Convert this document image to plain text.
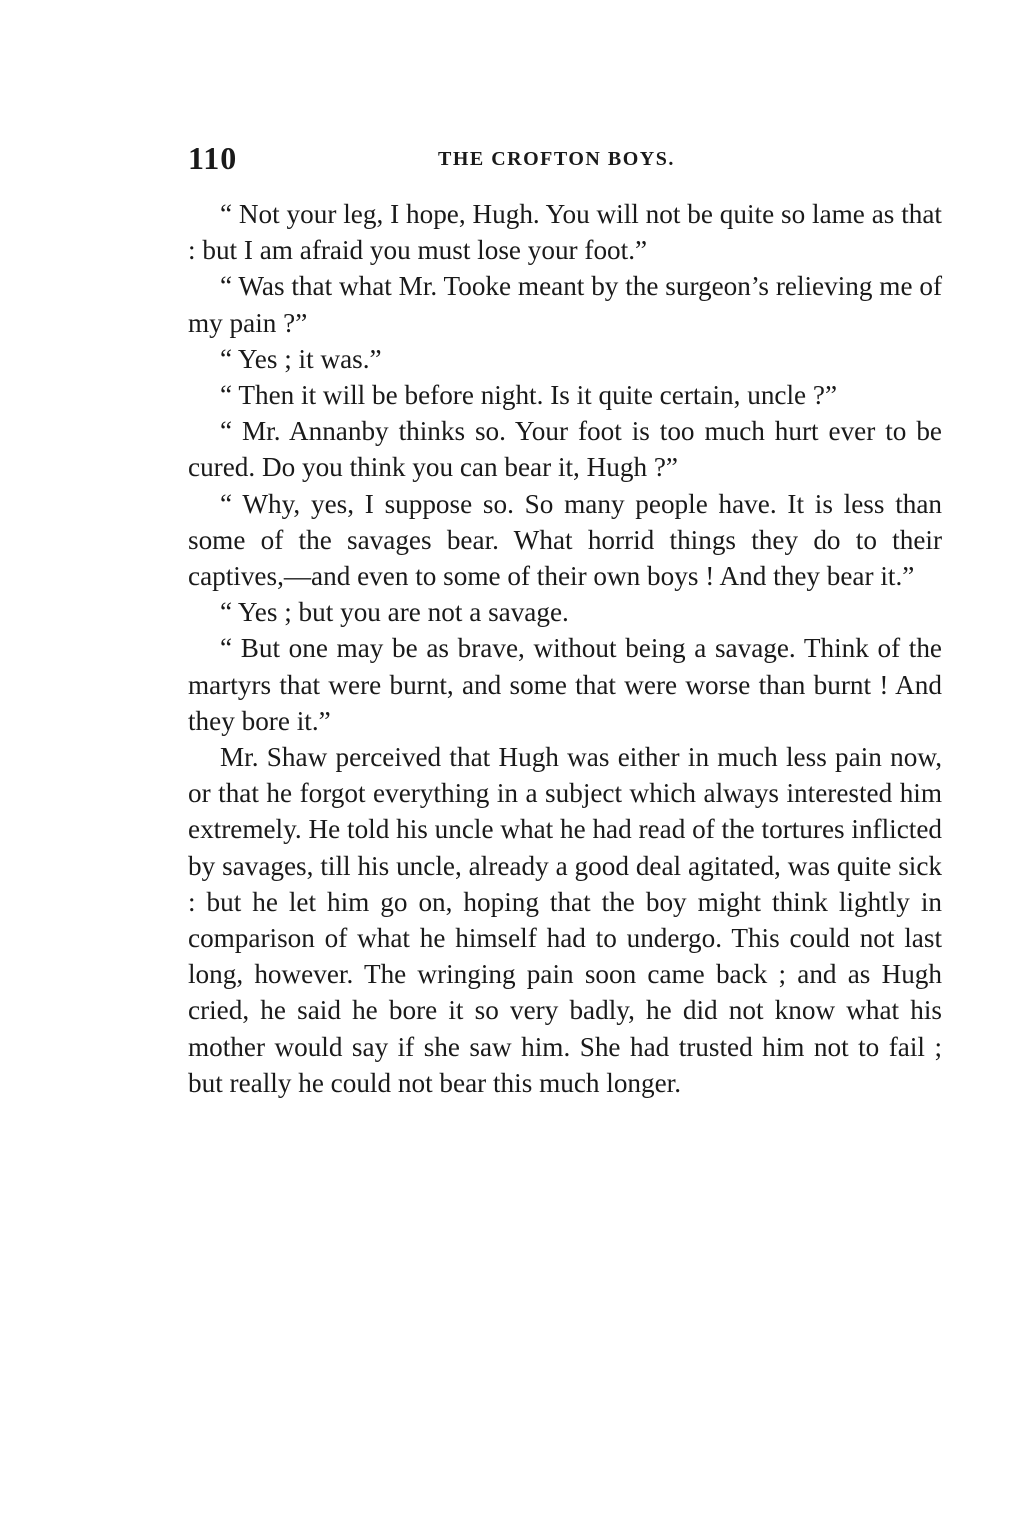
110	THE CROFTON BOYS.

“ Not your leg, I hope, Hugh. You will not be quite so lame as that : but I am afraid you must lose your foot.”

“ Was that what Mr. Tooke meant by the surgeon’s relieving me of my pain ?”

“ Yes ; it was.”

“ Then it will be before night. Is it quite certain, uncle ?”

“ Mr. Annanby thinks so. Your foot is too much hurt ever to be cured. Do you think you can bear it, Hugh ?”

“ Why, yes, I suppose so. So many people have. It is less than some of the savages bear. What horrid things they do to their captives,—and even to some of their own boys ! And they bear it.”

“ Yes ; but you are not a savage.

“ But one may be as brave, without being a savage. Think of the martyrs that were burnt, and some that were worse than burnt ! And they bore it.”

Mr. Shaw perceived that Hugh was either in much less pain now, or that he forgot everything in a subject which always interested him extremely. He told his uncle what he had read of the tortures inflicted by savages, till his uncle, already a good deal agitated, was quite sick : but he let him go on, hoping that the boy might think lightly in comparison of what he himself had to undergo. This could not last long, however. The wringing pain soon came back ; and as Hugh cried, he said he bore it so very badly, he did not know what his mother would say if she saw him. She had trusted him not to fail ; but really he could not bear this much longer.
